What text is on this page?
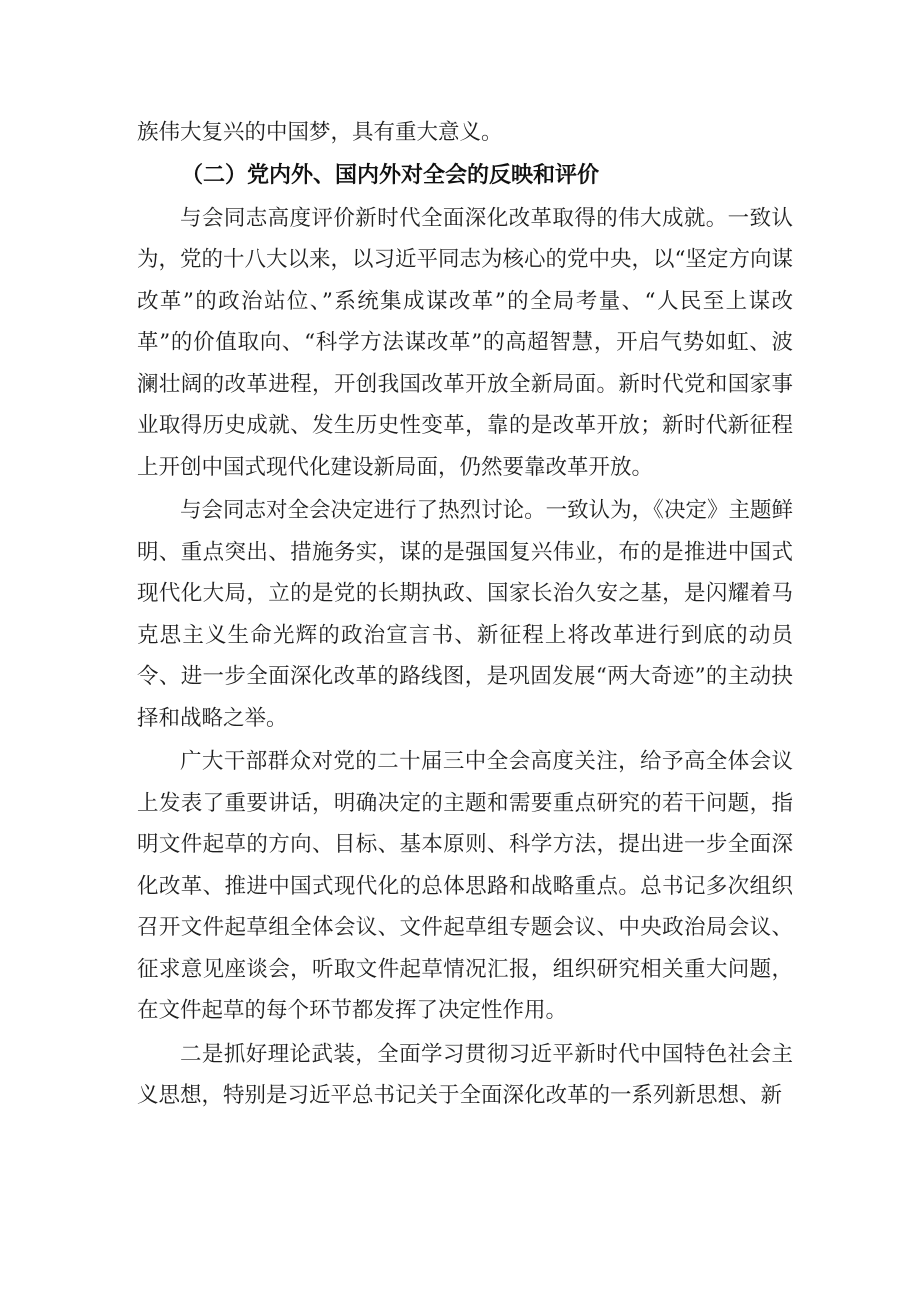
族伟大复兴的中国梦，具有重大意义。

（二）党内外、国内外对全会的反映和评价

与会同志高度评价新时代全面深化改革取得的伟大成就。一致认为，党的十八大以来，以习近平同志为核心的党中央，以“坚定方向谋改革”的政治站位、”系统集成谋改革”的全局考量、“人民至上谋改革”的价值取向、“科学方法谋改革”的高超智慧，开启气势如虹、波澜壮阔的改革进程，开创我国改革开放全新局面。新时代党和国家事业取得历史成就、发生历史性变革，靠的是改革开放；新时代新征程上开创中国式现代化建设新局面，仍然要靠改革开放。

与会同志对全会决定进行了热烈讨论。一致认为，《决定》主题鲜明、重点突出、措施务实，谋的是强国复兴伟业，布的是推进中国式现代化大局，立的是党的长期执政、国家长治久安之基，是闪耀着马克思主义生命光辉的政治宣言书、新征程上将改革进行到底的动员令、进一步全面深化改革的路线图，是巩固发展“两大奇迹”的主动抉择和战略之举。

广大干部群众对党的二十届三中全会高度关注，给予高全体会议上发表了重要讲话，明确决定的主题和需要重点研究的若干问题，指明文件起草的方向、目标、基本原则、科学方法，提出进一步全面深化改革、推进中国式现代化的总体思路和战略重点。总书记多次组织召开文件起草组全体会议、文件起草组专题会议、中央政治局会议、征求意见座谈会，听取文件起草情况汇报，组织研究相关重大问题，在文件起草的每个环节都发挥了决定性作用。

二是抓好理论武装，全面学习贯彻习近平新时代中国特色社会主义思想，特别是习近平总书记关于全面深化改革的一系列新思想、新
